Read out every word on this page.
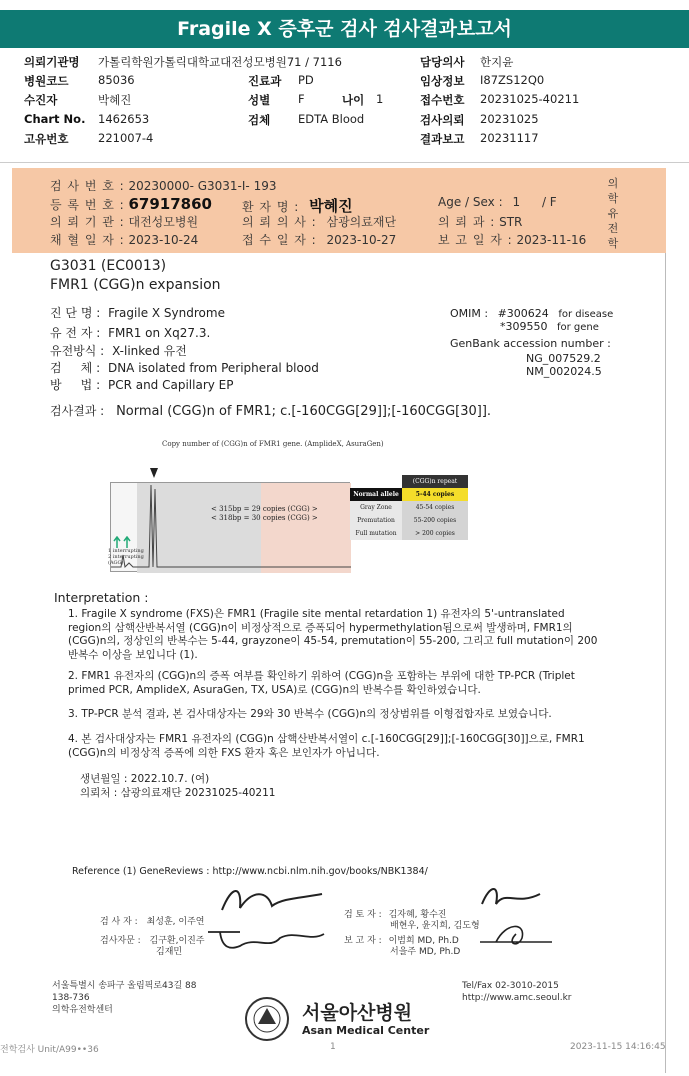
Fragile X 증후군 검사 검사결과보고서
의뢰기관명 가톨릭학원가톨릭대학교대전성모병원71 / 7116	담당의사 한지윤
병원코드	85036	진료과 PD	임상정보 I87ZS12Q0
수진자	박혜진	성별 F	나이 1	접수번호 20231025-40211
Chart No. 1462653	검체 EDTA Blood	검사의뢰 20231025
고유번호	221007-4	결과보고 20231117
검 사 번 호 : 20230000- G3031-I- 193
등 록 번 호 : 67917860	환 자 명 : 박혜진	Age / Sex : 1 / F
의 뢰 기 관 : 대전성모병원	의 뢰 의 사 : 삼광의료재단	의 뢰 과 : STR
채 혈 일 자 : 2023-10-24	접 수 일 자 : 2023-10-27	보 고 일 자 : 2023-11-16
G3031 (EC0013)
FMR1 (CGG)n expansion
진 단 명 : Fragile X Syndrome
유 전 자 : FMR1 on Xq27.3.
유전방식 : X-linked 유전
검     체 : DNA isolated from Peripheral blood
방     법 : PCR and Capillary EP
OMIM : #300624 for disease
*309550 for gene
GenBank accession number :
NG_007529.2
NM_002024.5
검사결과 : Normal (CGG)n of FMR1; c.[-160CGG[29]];[-160CGG[30]].
Interpretation :
1. Fragile X syndrome (FXS)은 FMR1 (Fragile site mental retardation 1) 유전자의 5'-untranslated region의 삼핵산반복서열 (CGG)n이 비정상적으로 증폭되어 hypermethylation됨으로써 발생하며, FMR1의 (CGG)n의, 정상인의 반복수는 5-44, grayzone이 45-54, premutation이 55-200, 그리고 full mutation이 200 반복수 이상을 보입니다 (1).
2. FMR1 유전자의 (CGG)n의 증폭 여부를 확인하기 위하여 (CGG)n을 포함하는 부위에 대한 TP-PCR (Triplet primed PCR, AmplideX, AsuraGen, TX, USA)로 (CGG)n의 반복수를 확인하였습니다.
3. TP-PCR 분석 결과, 본 검사대상자는 29와 30 반복수 (CGG)n의 정상범위를 이형접합자로 보였습니다.
4. 본 검사대상자는 FMR1 유전자의 (CGG)n 삼핵산반복서열이 c.[-160CGG[29]];[-160CGG[30]]으로, FMR1 (CGG)n의 비정상적 증폭에 의한 FXS 환자 혹은 보인자가 아닙니다.
생년월일 : 2022.10.7. (여)
의뢰처 : 삼광의료재단 20231025-40211
Reference (1) GeneReviews : http://www.ncbi.nlm.nih.gov/books/NBK1384/
검 사 자 : 최성훈, 이주연
검사자문 : 김구환,이진주
김재민
검 토 자 : 김자혜, 황수진
배현우, 윤지희, 김도형
보 고 자 : 이범희 MD, Ph.D
서을주 MD, Ph.D
서울특별시 송파구 올림픽로43길 88
138-736
의학유전학센터
Tel/Fax 02-3010-2015
http://www.amc.seoul.kr
서울아산병원
Asan Medical Center
전학검사 Unit/A99••36	1	2023-11-15 14:16:45
의학유전학
Copy number of (CGG)n of FMR1 gene. (AmplideX, AsuraGen)
< 315bp = 29 copies (CGG) >
< 318bp = 30 copies (CGG) >
1 interrupting
2 interrupting
(AGG)
(CGG)n repeat
Normal allele	5-44 copies
Gray Zone	45-54 copies
Premutation	55-200 copies
Full mutation	> 200 copies
